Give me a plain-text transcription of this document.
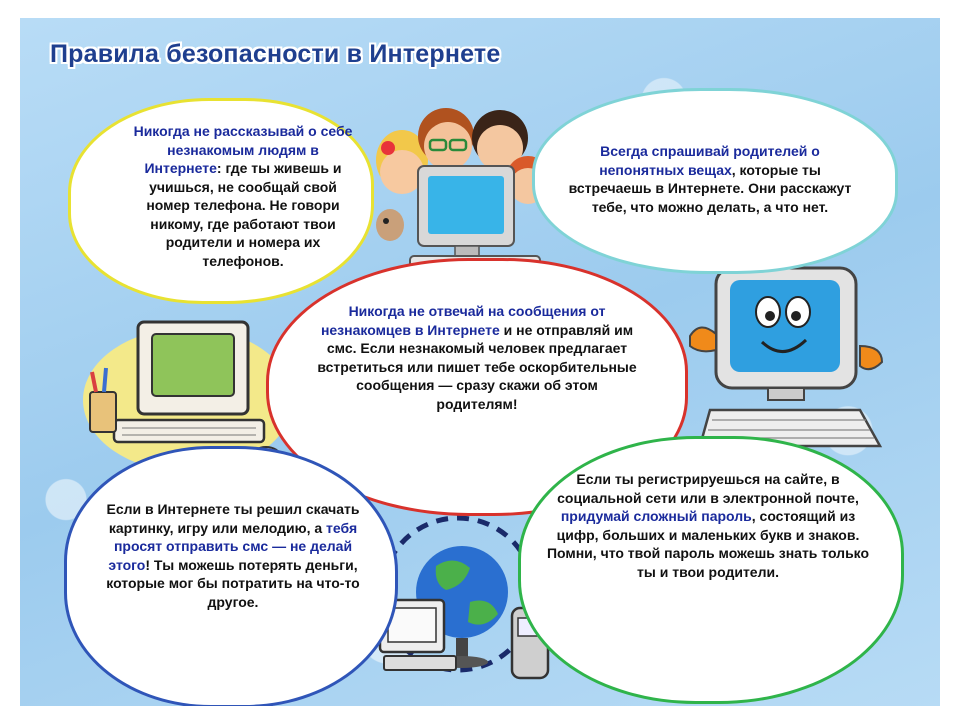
Правила безопасности в Интернете

Никогда не рассказывай о себе незнакомым людям в Интернете: где ты живешь и учишься, не сообщай свой номер телефона. Не говори никому, где работают твои родители и номера их телефонов.

Всегда спрашивай родителей о непонятных вещах, которые ты встречаешь в Интернете. Они расскажут тебе, что можно делать, а что нет.

Никогда не отвечай на сообщения от незнакомцев в Интернете и не отправляй им смс. Если незнакомый человек предлагает встретиться или пишет тебе оскорбительные сообщения — сразу скажи об этом родителям!

Если в Интернете ты решил скачать картинку, игру или мелодию, а тебя просят отправить смс — не делай этого! Ты можешь потерять деньги, которые мог бы потратить на что-то другое.

Если ты регистрируешься на сайте, в социальной сети или в электронной почте, придумай сложный пароль, состоящий из цифр, больших и маленьких букв и знаков. Помни, что твой пароль можешь знать только ты и твои родители.
